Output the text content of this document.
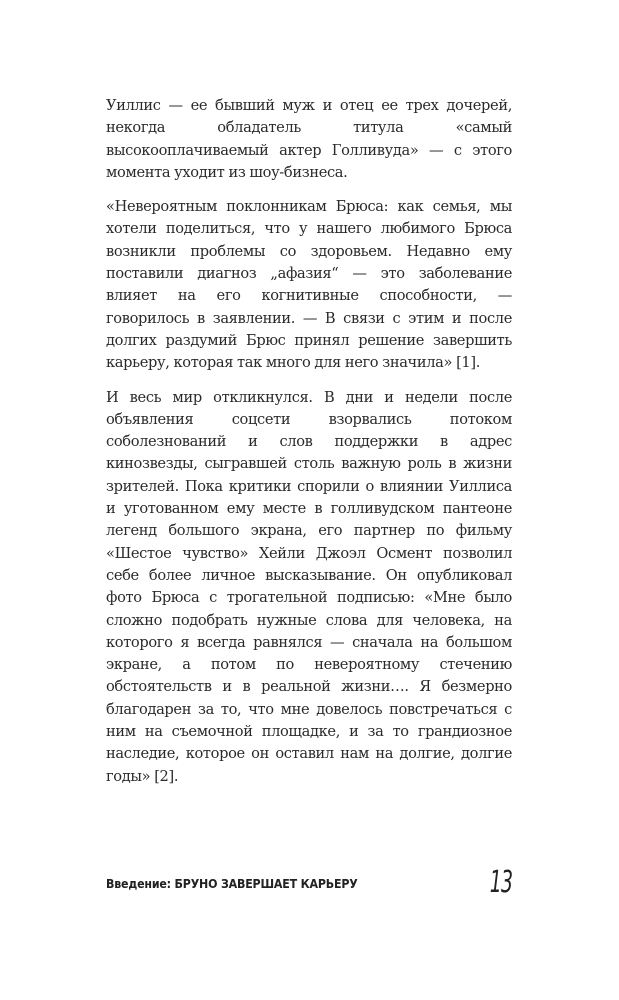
Уиллис — ее бывший муж и отец ее трех дочерей, некогда обладатель титула «самый высокооплачиваемый актер Голливуда» — с этого момента уходит из шоу-бизнеса.

«Невероятным поклонникам Брюса: как семья, мы хотели поделиться, что у нашего любимого Брюса возникли проблемы со здоровьем. Недавно ему поставили диагноз „афазия“ — это заболевание влияет на его когнитивные способности, — говорилось в заявлении. — В связи с этим и после долгих раздумий Брюс принял решение завершить карьеру, которая так много для него значила» [1].

И весь мир откликнулся. В дни и недели после объявления соцсети взорвались потоком соболезнований и слов поддержки в адрес кинозвезды, сыгравшей столь важную роль в жизни зрителей. Пока критики спорили о влиянии Уиллиса и уготованном ему месте в голливудском пантеоне легенд большого экрана, его партнер по фильму «Шестое чувство» Хейли Джоэл Осмент позволил себе более личное высказывание. Он опубликовал фото Брюса с трогательной подписью: «Мне было сложно подобрать нужные слова для человека, на которого я всегда равнялся — сначала на большом экране, а потом по невероятному стечению обстоятельств и в реальной жизни…. Я безмерно благодарен за то, что мне довелось повстречаться с ним на съемочной площадке, и за то грандиозное наследие, которое он оставил нам на долгие, долгие годы» [2].

Введение: БРУНО ЗАВЕРШАЕТ КАРЬЕРУ	13
